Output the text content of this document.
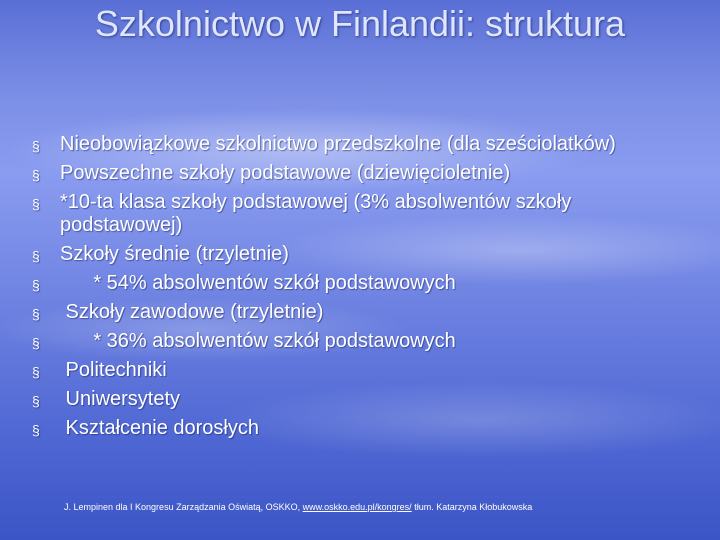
Szkolnictwo w Finlandii: struktura
§ Nieobowiązkowe szkolnictwo przedszkolne (dla sześciolatków)
§ Powszechne szkoły podstawowe (dziewięcioletnie)
§ *10-ta klasa szkoły podstawowej (3% absolwentów szkoły podstawowej)
§ Szkoły średnie (trzyletnie)
§ * 54% absolwentów szkół podstawowych
§ Szkoły zawodowe (trzyletnie)
§ * 36% absolwentów szkół podstawowych
§ Politechniki
§ Uniwersytety
§ Kształcenie dorosłych
J. Lempinen dla I Kongresu Zarządzania Oświatą, OSKKO, www.oskko.edu.pl/kongres/ tłum. Katarzyna Kłobukowska
